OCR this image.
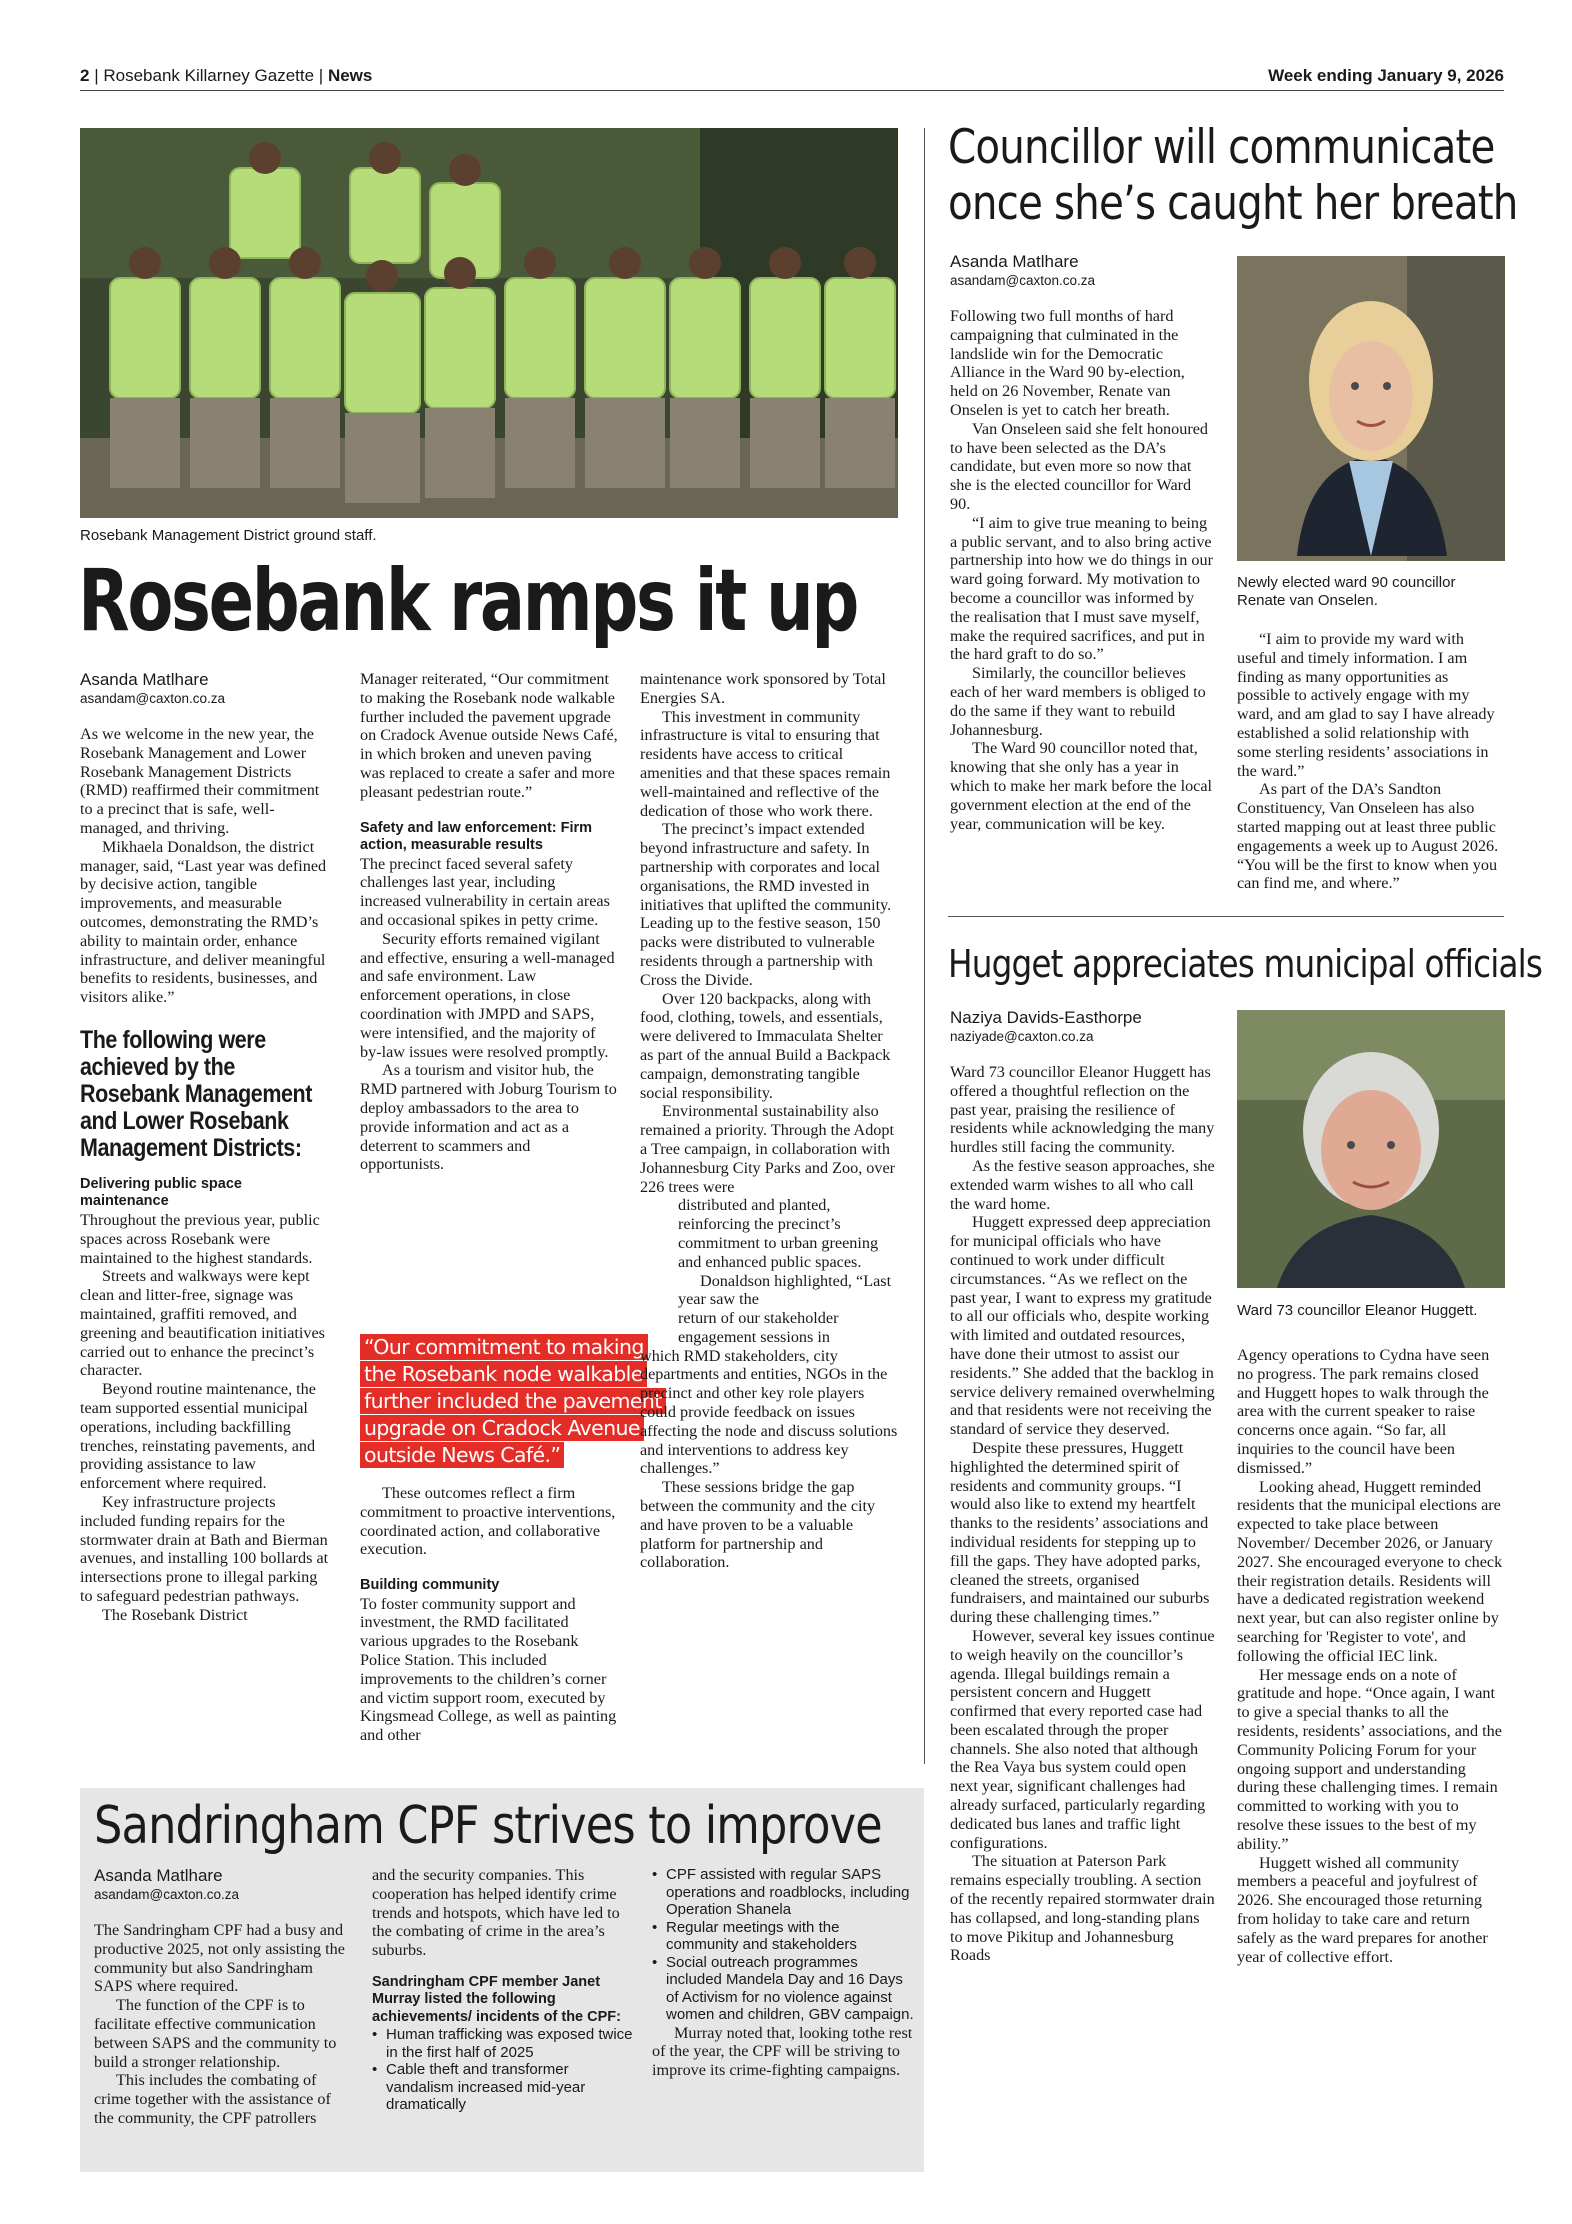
2 | Rosebank Killarney Gazette | News	Week ending January 9, 2026
Rosebank Management District ground staff.
Rosebank ramps it up
Asanda Matlhare
asandam@caxton.co.za

As we welcome in the new year, the Rosebank Management and Lower Rosebank Management Districts (RMD) reaffirmed their commitment to a precinct that is safe, well-managed, and thriving.

Mikhaela Donaldson, the district manager, said, “Last year was defined by decisive action, tangible improvements, and measurable outcomes, demonstrating the RMD’s ability to maintain order, enhance infrastructure, and deliver meaningful benefits to residents, businesses, and visitors alike.”

The following were achieved by the Rosebank Management and Lower Rosebank Management Districts:
Delivering public space maintenance

Throughout the previous year, public spaces across Rosebank were maintained to the highest standards.

Streets and walkways were kept clean and litter-free, signage was maintained, graffiti removed, and greening and beautification initiatives carried out to enhance the precinct’s character.

Beyond routine maintenance, the team supported essential municipal operations, including backfilling trenches, reinstating pavements, and providing assistance to law enforcement where required.

Key infrastructure projects included funding repairs for the stormwater drain at Bath and Bierman avenues, and installing 100 bollards at intersections prone to illegal parking to safeguard pedestrian pathways.

The Rosebank District

Manager reiterated, “Our commitment to making the Rosebank node walkable further included the pavement upgrade on Cradock Avenue outside News Café, in which broken and uneven paving was replaced to create a safer and more pleasant pedestrian route.”

Safety and law enforcement: Firm action, measurable results

The precinct faced several safety challenges last year, including increased vulnerability in certain areas and occasional spikes in petty crime.

Security efforts remained vigilant and effective, ensuring a well-managed and safe environment. Law enforcement operations, in close coordination with JMPD and SAPS, were intensified, and the majority of by-law issues were resolved promptly.

As a tourism and visitor hub, the RMD partnered with Joburg Tourism to deploy ambassadors to the area to provide information and act as a deterrent to scammers and opportunists.

“Our commitment to making the Rosebank node walkable further included the pavement upgrade on Cradock Avenue outside News Café.”

These outcomes reflect a firm commitment to proactive interventions, coordinated action, and collaborative execution.

Building community

To foster community support and investment, the RMD facilitated various upgrades to the Rosebank Police Station. This included improvements to the children’s corner and victim support room, executed by Kingsmead College, as well as painting and other

maintenance work sponsored by Total Energies SA.

This investment in community infrastructure is vital to ensuring that residents have access to critical amenities and that these spaces remain well-maintained and reflective of the dedication of those who work there.

The precinct’s impact extended beyond infrastructure and safety. In partnership with corporates and local organisations, the RMD invested in initiatives that uplifted the community. Leading up to the festive season, 150 packs were distributed to vulnerable residents through a partnership with Cross the Divide.

Over 120 backpacks, along with food, clothing, towels, and essentials, were delivered to Immaculata Shelter as part of the annual Build a Backpack campaign, demonstrating tangible social responsibility.

Environmental sustainability also remained a priority. Through the Adopt a Tree campaign, in collaboration with Johannesburg City Parks and Zoo, over 226 trees were

distributed and planted, reinforcing the precinct’s commitment to urban greening and enhanced public spaces.

Donaldson highlighted, “Last year saw the

return of our stakeholder

engagement sessions in

which RMD stakeholders, city departments and entities, NGOs in the precinct and other key role players could provide feedback on issues affecting the node and discuss solutions and interventions to address key challenges.”

These sessions bridge the gap between the community and the city and have proven to be a valuable platform for partnership and collaboration.

Councillor will communicate
once she’s caught her breath
Asanda Matlhare
asandam@caxton.co.za

Following two full months of hard campaigning that culminated in the landslide win for the Democratic Alliance in the Ward 90 by-election, held on 26 November, Renate van Onselen is yet to catch her breath.

Van Onseleen said she felt honoured to have been selected as the DA’s candidate, but even more so now that she is the elected councillor for Ward 90.

“I aim to give true meaning to being a public servant, and to also bring active partnership into how we do things in our ward going forward. My motivation to become a councillor was informed by the realisation that I must save myself, make the required sacrifices, and put in the hard graft to do so.”

Similarly, the councillor believes each of her ward members is obliged to do the same if they want to rebuild Johannesburg.

The Ward 90 councillor noted that, knowing that she only has a year in which to make her mark before the local government election at the end of the year, communication will be key.

Newly elected ward 90 councillor Renate van Onselen.

“I aim to provide my ward with useful and timely information. I am finding as many opportunities as possible to actively engage with my ward, and am glad to say I have already established a solid relationship with some sterling residents’ associations in the ward.”

As part of the DA’s Sandton Constituency, Van Onseleen has also started mapping out at least three public engagements a week up to August 2026. “You will be the first to know when you can find me, and where.”

Hugget appreciates municipal officials
Naziya Davids-Easthorpe
naziyade@caxton.co.za

Ward 73 councillor Eleanor Huggett has offered a thoughtful reflection on the past year, praising the resilience of residents while acknowledging the many hurdles still facing the community.

As the festive season approaches, she extended warm wishes to all who call the ward home.

Huggett expressed deep appreciation for municipal officials who have continued to work under difficult circumstances. “As we reflect on the past year, I want to express my gratitude to all our officials who, despite working with limited and outdated resources, have done their utmost to assist our residents.” She added that the backlog in service delivery remained overwhelming and that residents were not receiving the standard of service they deserved.

Despite these pressures, Huggett highlighted the determined spirit of residents and community groups. “I would also like to extend my heartfelt thanks to the residents’ associations and individual residents for stepping up to fill the gaps. They have adopted parks, cleaned the streets, organised fundraisers, and maintained our suburbs during these challenging times.”

However, several key issues continue to weigh heavily on the councillor’s agenda. Illegal buildings remain a persistent concern and Huggett confirmed that every reported case had been escalated through the proper channels. She also noted that although the Rea Vaya bus system could open next year, significant challenges had already surfaced, particularly regarding dedicated bus lanes and traffic light configurations.

The situation at Paterson Park remains especially troubling. A section of the recently repaired stormwater drain has collapsed, and long-standing plans to move Pikitup and Johannesburg Roads

Ward 73 councillor Eleanor Huggett.

Agency operations to Cydna have seen no progress. The park remains closed and Huggett hopes to walk through the area with the current speaker to raise concerns once again. “So far, all inquiries to the council have been dismissed.”

Looking ahead, Huggett reminded residents that the municipal elections are expected to take place between November/ December 2026, or January 2027. She encouraged everyone to check their registration details. Residents will have a dedicated registration weekend next year, but can also register online by searching for 'Register to vote', and following the official IEC link.

Her message ends on a note of gratitude and hope. “Once again, I want to give a special thanks to all the residents, residents’ associations, and the Community Policing Forum for your ongoing support and understanding during these challenging times. I remain committed to working with you to resolve these issues to the best of my ability.”

Huggett wished all community members a peaceful and joyfulrest of 2026. She encouraged those returning from holiday to take care and return safely as the ward prepares for another year of collective effort.

Sandringham CPF strives to improve
Asanda Matlhare
asandam@caxton.co.za

The Sandringham CPF had a busy and productive 2025, not only assisting the community but also Sandringham SAPS where required.

The function of the CPF is to facilitate effective communication between SAPS and the community to build a stronger relationship.

This includes the combating of crime together with the assistance of the community, the CPF patrollers

and the security companies. This cooperation has helped identify crime trends and hotspots, which have led to the combating of crime in the area’s suburbs.

Sandringham CPF member Janet Murray listed the following achievements/ incidents of the CPF:
• Human trafficking was exposed twice in the first half of 2025
• Cable theft and transformer vandalism increased mid-year dramatically
• CPF assisted with regular SAPS operations and roadblocks, including Operation Shanela
• Regular meetings with the community and stakeholders
• Social outreach programmes included Mandela Day and 16 Days of Activism for no violence against women and children, GBV campaign.

Murray noted that, looking tothe rest of the year, the CPF will be striving to improve its crime-fighting campaigns.
